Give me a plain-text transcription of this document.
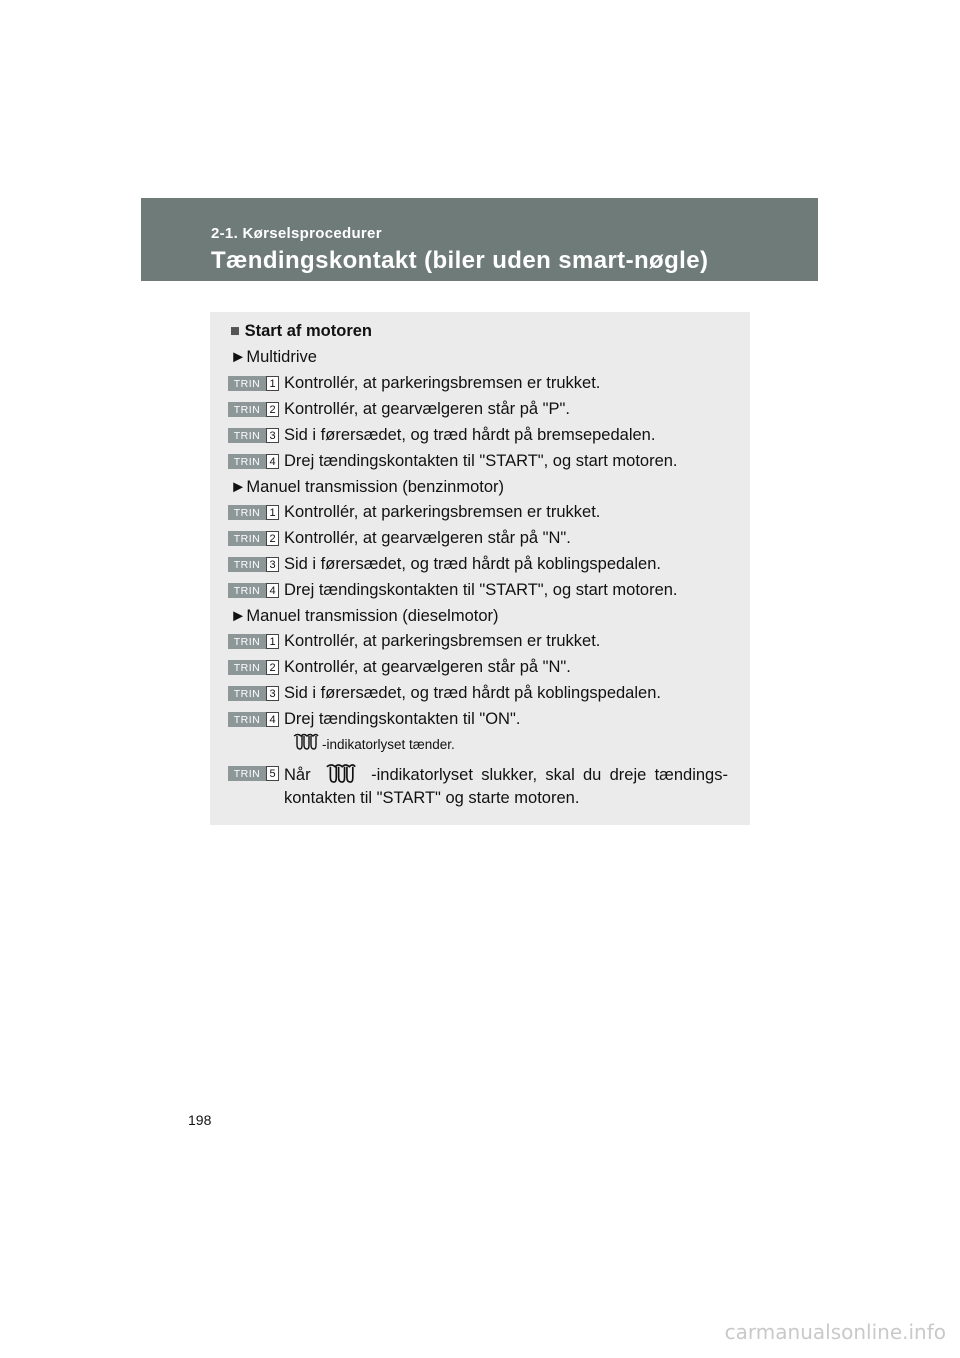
2-1. Kørselsprocedurer
Tændingskontakt (biler uden smart-nøgle)
■ Start af motoren
►Multidrive
TRIN 1 Kontrollér, at parkeringsbremsen er trukket.
TRIN 2 Kontrollér, at gearvælgeren står på "P".
TRIN 3 Sid i førersædet, og træd hårdt på bremsepedalen.
TRIN 4 Drej tændingskontakten til "START", og start motoren.
►Manuel transmission (benzinmotor)
TRIN 1 Kontrollér, at parkeringsbremsen er trukket.
TRIN 2 Kontrollér, at gearvælgeren står på "N".
TRIN 3 Sid i førersædet, og træd hårdt på koblingspedalen.
TRIN 4 Drej tændingskontakten til "START", og start motoren.
►Manuel transmission (dieselmotor)
TRIN 1 Kontrollér, at parkeringsbremsen er trukket.
TRIN 2 Kontrollér, at gearvælgeren står på "N".
TRIN 3 Sid i førersædet, og træd hårdt på koblingspedalen.
TRIN 4 Drej tændingskontakten til "ON".
-indikatorlyset tænder.
TRIN 5 Når	-indikatorlyset slukker, skal du dreje tændings-
kontakten til "START" og starte motoren.
198
carmanualsonline.info
